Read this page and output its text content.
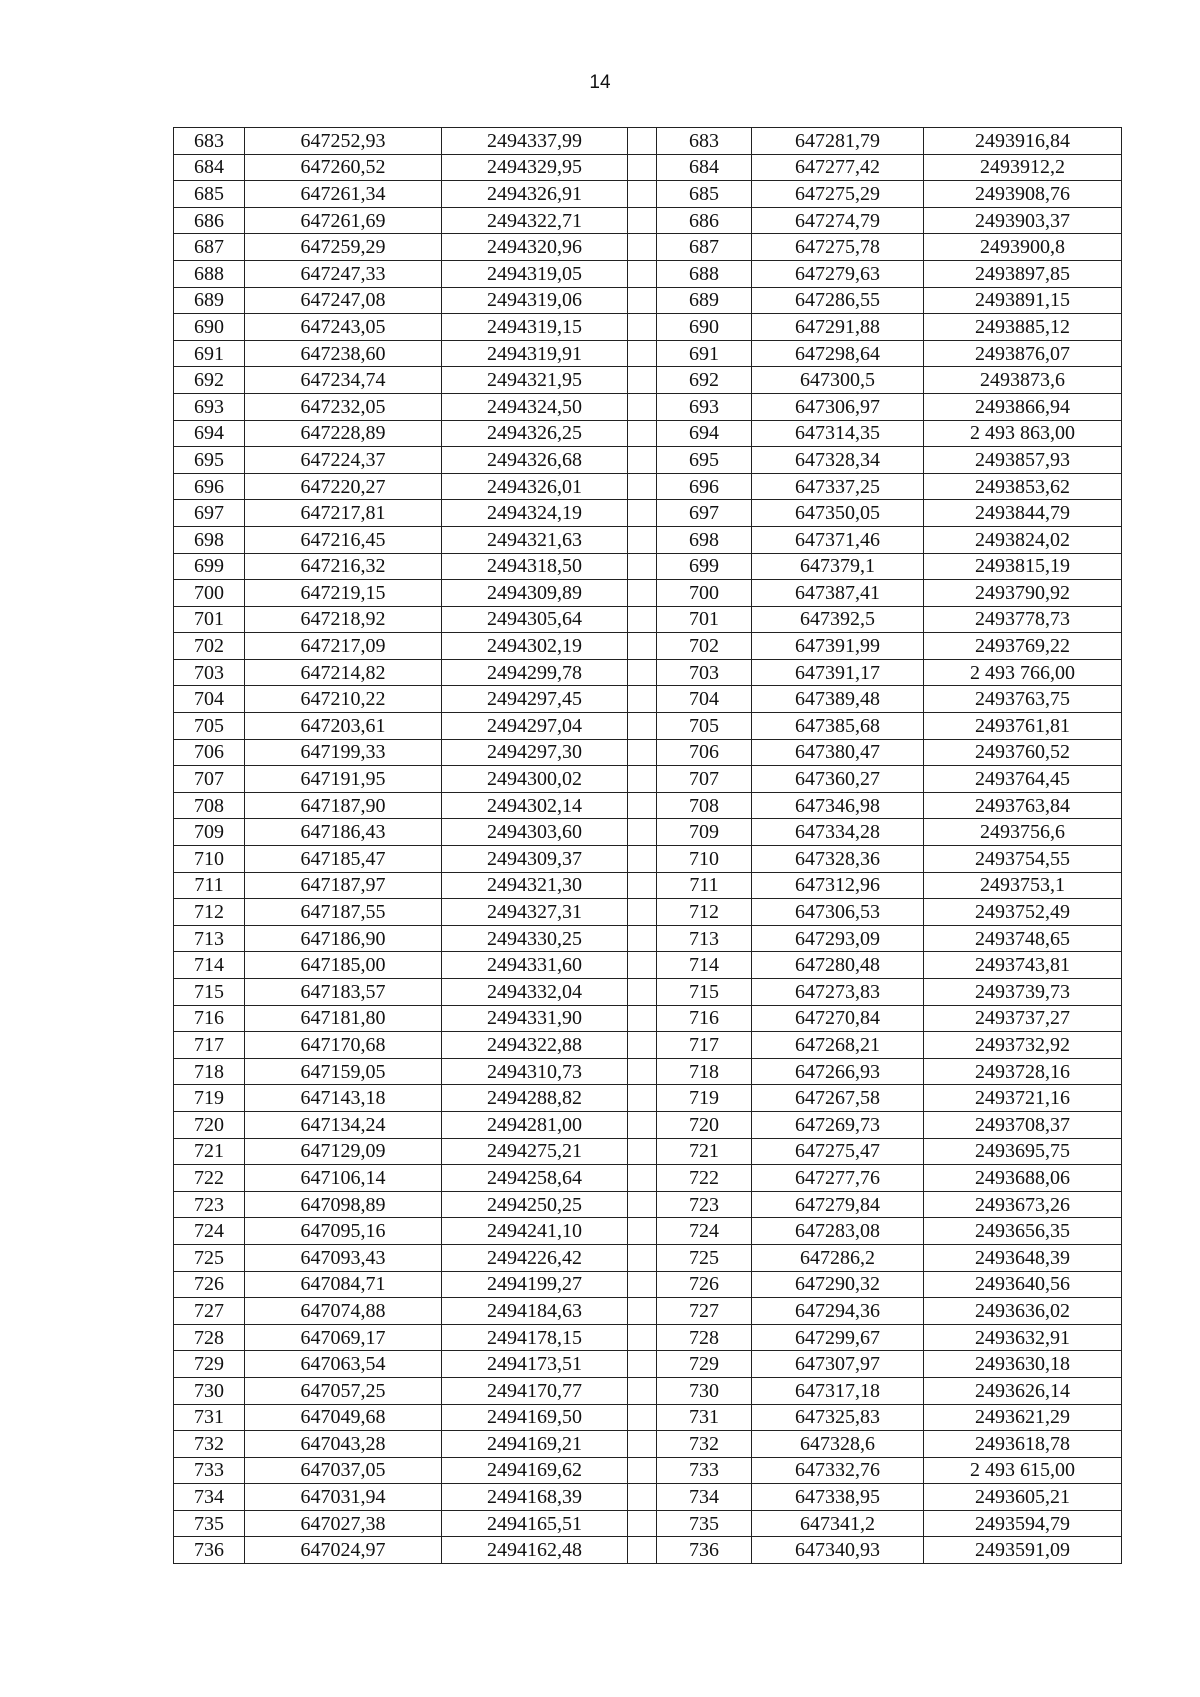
14
683	647252,93	2494337,99		683	647281,79	2493916,84
684	647260,52	2494329,95		684	647277,42	2493912,2
685	647261,34	2494326,91		685	647275,29	2493908,76
686	647261,69	2494322,71		686	647274,79	2493903,37
687	647259,29	2494320,96		687	647275,78	2493900,8
688	647247,33	2494319,05		688	647279,63	2493897,85
689	647247,08	2494319,06		689	647286,55	2493891,15
690	647243,05	2494319,15		690	647291,88	2493885,12
691	647238,60	2494319,91		691	647298,64	2493876,07
692	647234,74	2494321,95		692	647300,5	2493873,6
693	647232,05	2494324,50		693	647306,97	2493866,94
694	647228,89	2494326,25		694	647314,35	2 493 863,00
695	647224,37	2494326,68		695	647328,34	2493857,93
696	647220,27	2494326,01		696	647337,25	2493853,62
697	647217,81	2494324,19		697	647350,05	2493844,79
698	647216,45	2494321,63		698	647371,46	2493824,02
699	647216,32	2494318,50		699	647379,1	2493815,19
700	647219,15	2494309,89		700	647387,41	2493790,92
701	647218,92	2494305,64		701	647392,5	2493778,73
702	647217,09	2494302,19		702	647391,99	2493769,22
703	647214,82	2494299,78		703	647391,17	2 493 766,00
704	647210,22	2494297,45		704	647389,48	2493763,75
705	647203,61	2494297,04		705	647385,68	2493761,81
706	647199,33	2494297,30		706	647380,47	2493760,52
707	647191,95	2494300,02		707	647360,27	2493764,45
708	647187,90	2494302,14		708	647346,98	2493763,84
709	647186,43	2494303,60		709	647334,28	2493756,6
710	647185,47	2494309,37		710	647328,36	2493754,55
711	647187,97	2494321,30		711	647312,96	2493753,1
712	647187,55	2494327,31		712	647306,53	2493752,49
713	647186,90	2494330,25		713	647293,09	2493748,65
714	647185,00	2494331,60		714	647280,48	2493743,81
715	647183,57	2494332,04		715	647273,83	2493739,73
716	647181,80	2494331,90		716	647270,84	2493737,27
717	647170,68	2494322,88		717	647268,21	2493732,92
718	647159,05	2494310,73		718	647266,93	2493728,16
719	647143,18	2494288,82		719	647267,58	2493721,16
720	647134,24	2494281,00		720	647269,73	2493708,37
721	647129,09	2494275,21		721	647275,47	2493695,75
722	647106,14	2494258,64		722	647277,76	2493688,06
723	647098,89	2494250,25		723	647279,84	2493673,26
724	647095,16	2494241,10		724	647283,08	2493656,35
725	647093,43	2494226,42		725	647286,2	2493648,39
726	647084,71	2494199,27		726	647290,32	2493640,56
727	647074,88	2494184,63		727	647294,36	2493636,02
728	647069,17	2494178,15		728	647299,67	2493632,91
729	647063,54	2494173,51		729	647307,97	2493630,18
730	647057,25	2494170,77		730	647317,18	2493626,14
731	647049,68	2494169,50		731	647325,83	2493621,29
732	647043,28	2494169,21		732	647328,6	2493618,78
733	647037,05	2494169,62		733	647332,76	2 493 615,00
734	647031,94	2494168,39		734	647338,95	2493605,21
735	647027,38	2494165,51		735	647341,2	2493594,79
736	647024,97	2494162,48		736	647340,93	2493591,09
